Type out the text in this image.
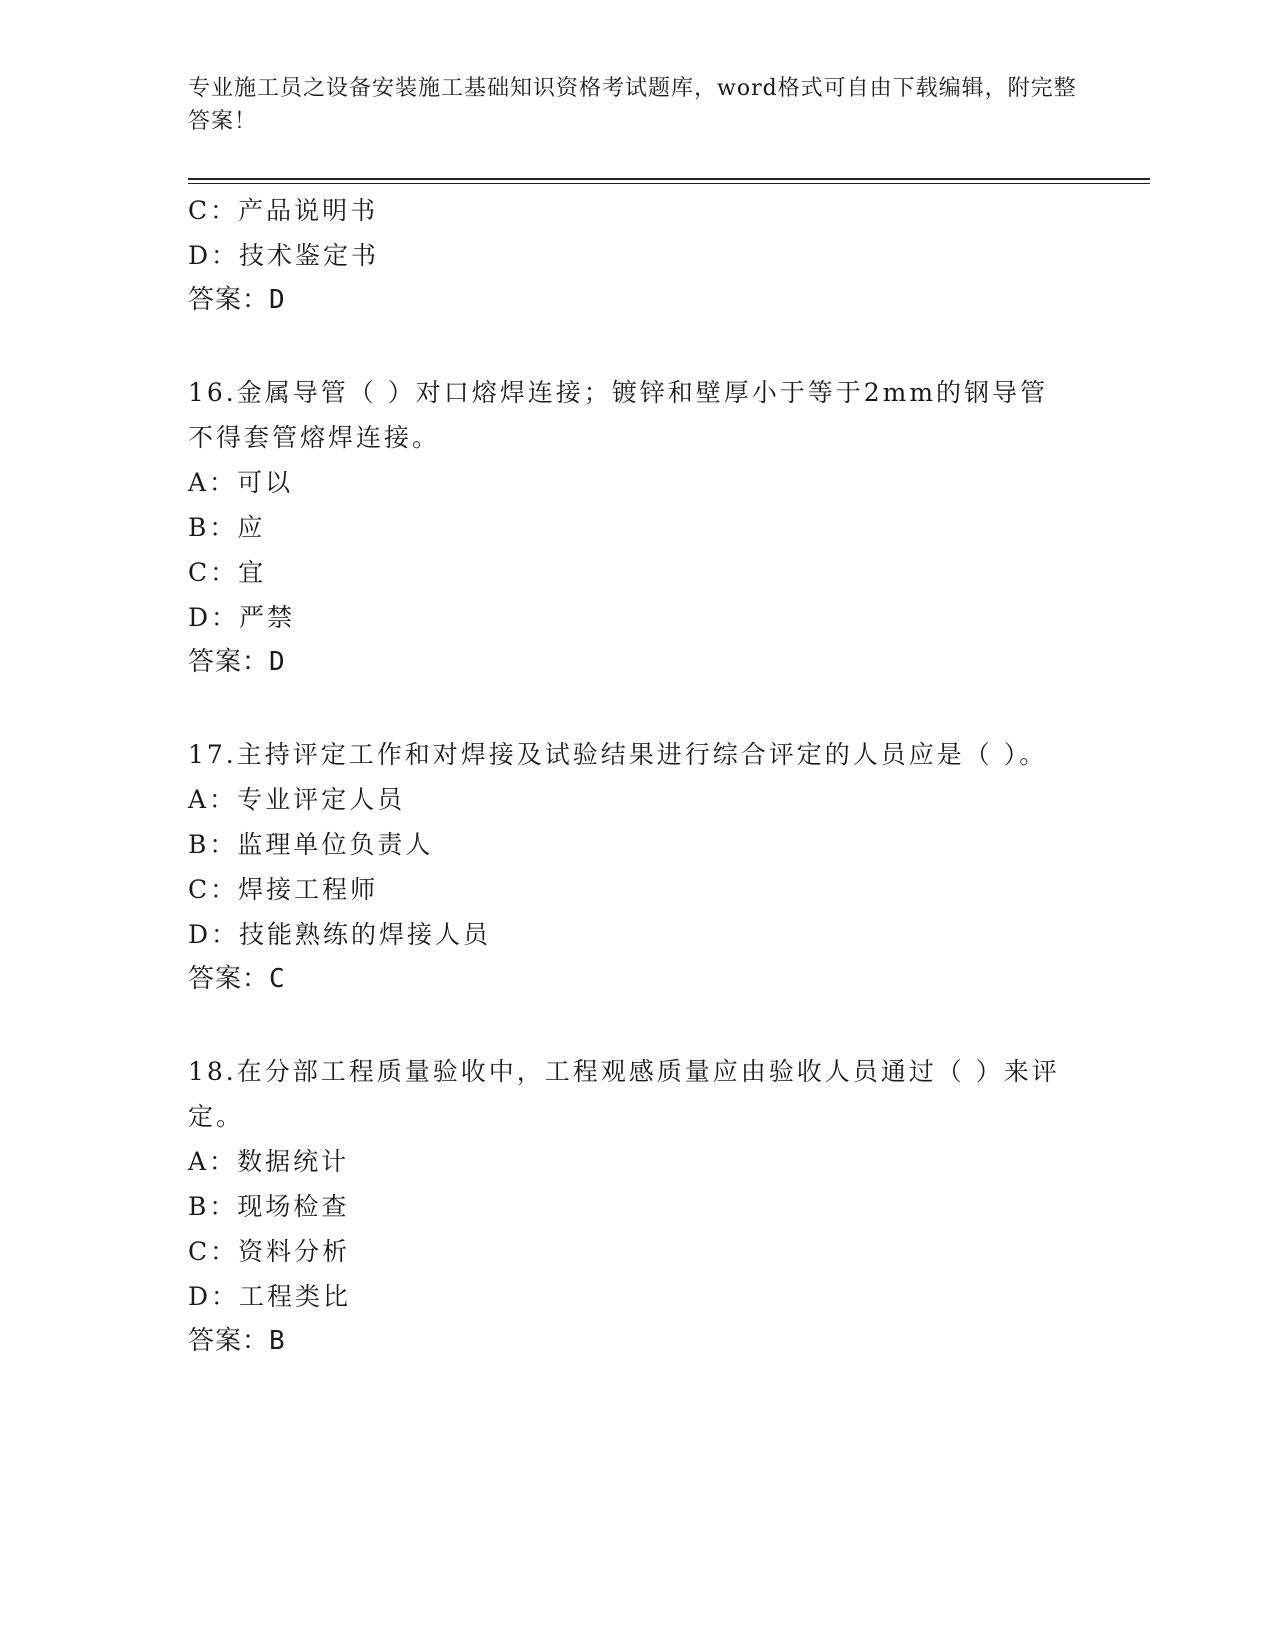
专业施工员之设备安装施工基础知识资格考试题库，word格式可自由下载编辑，附完整答案！
C：产品说明书
D：技术鉴定书
答案：D
16.金属导管（ ）对口熔焊连接；镀锌和壁厚小于等于2mm的钢导管不得套管熔焊连接。
A：可以
B：应
C：宜
D：严禁
答案：D
17.主持评定工作和对焊接及试验结果进行综合评定的人员应是（ ）。
A：专业评定人员
B：监理单位负责人
C：焊接工程师
D：技能熟练的焊接人员
答案：C
18.在分部工程质量验收中，工程观感质量应由验收人员通过（ ）来评定。
A：数据统计
B：现场检查
C：资料分析
D：工程类比
答案：B
